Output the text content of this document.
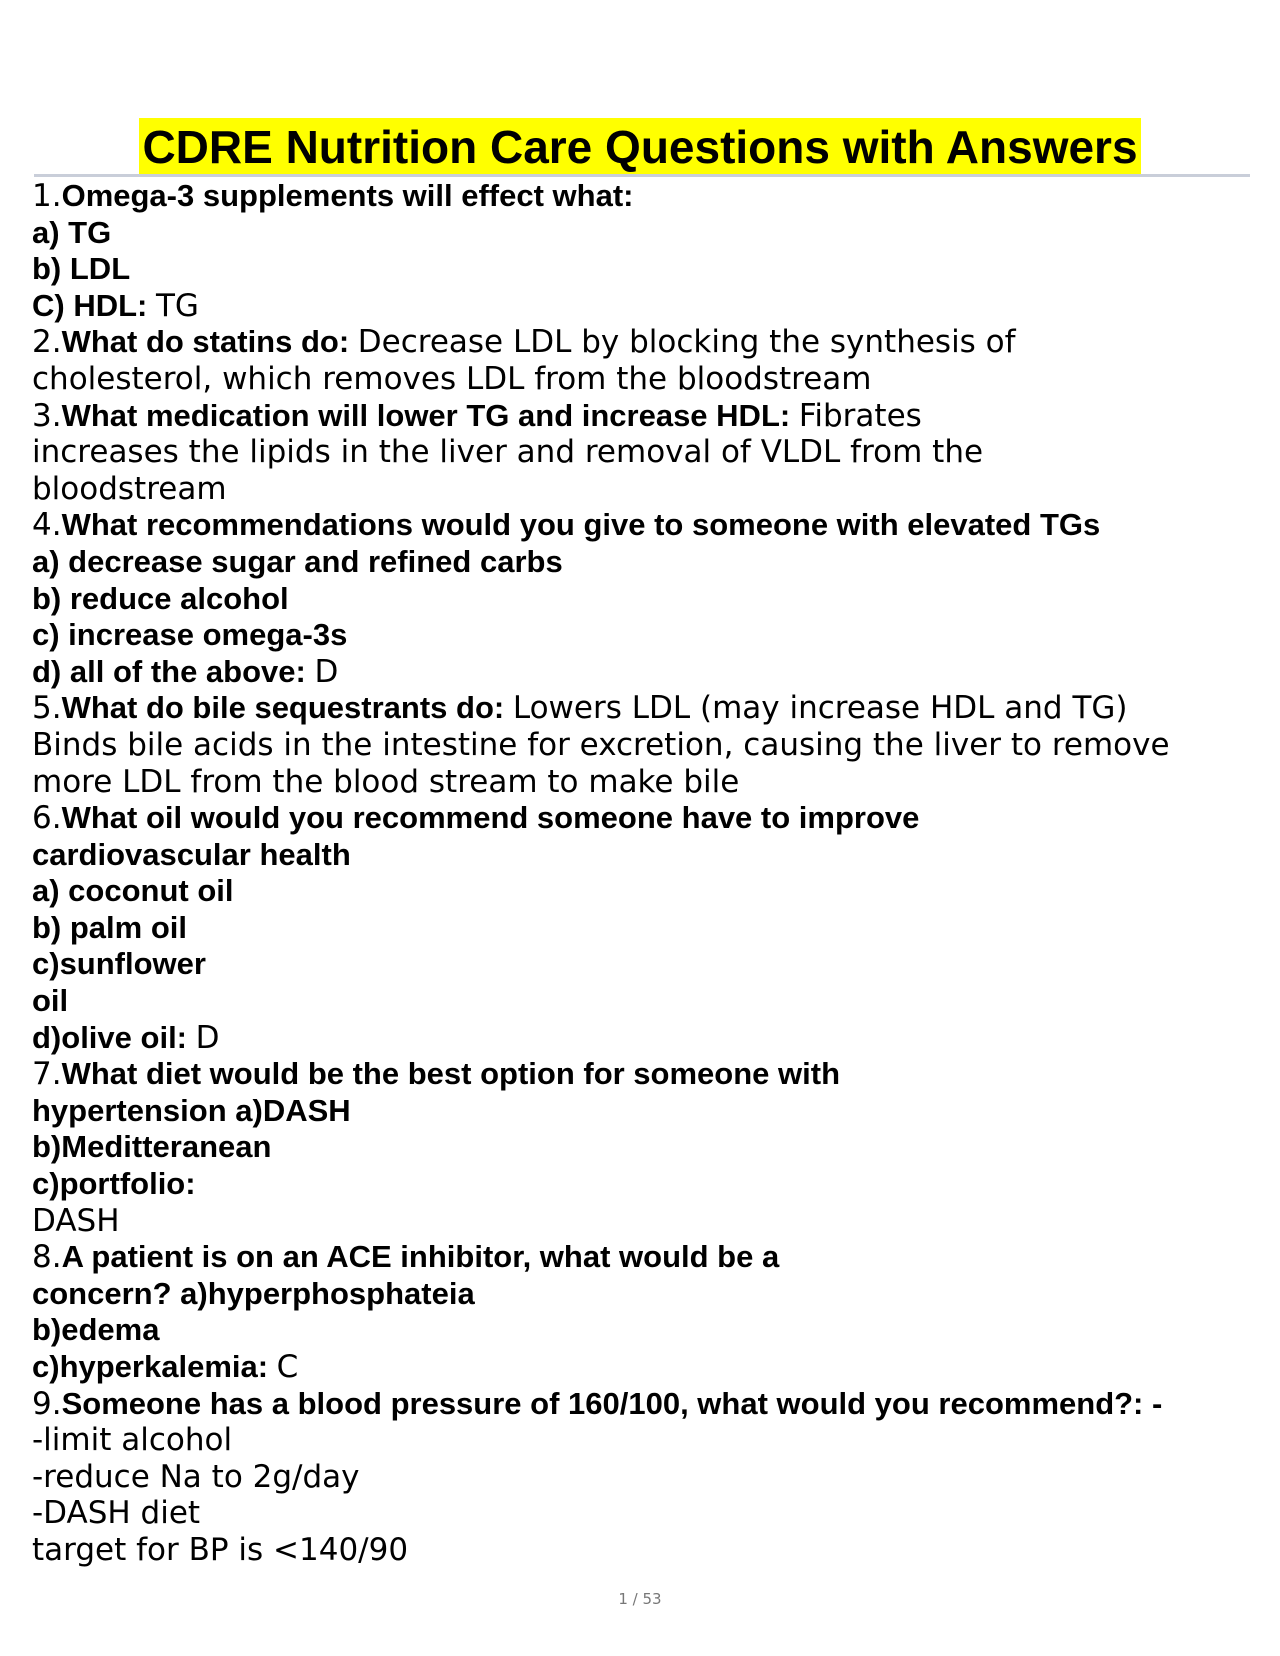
CDRE Nutrition Care Questions with Answers
1.Omega-3 supplements will effect what:
a) TG
b) LDL
C) HDL: TG
2.What do statins do: Decrease LDL by blocking the synthesis of
cholesterol, which removes LDL from the bloodstream
3.What medication will lower TG and increase HDL: Fibrates
increases the lipids in the liver and removal of VLDL from the
bloodstream
4.What recommendations would you give to someone with elevated TGs
a) decrease sugar and refined carbs
b) reduce alcohol
c) increase omega-3s
d) all of the above: D
5.What do bile sequestrants do: Lowers LDL (may increase HDL and TG)
Binds bile acids in the intestine for excretion, causing the liver to remove
more LDL from the blood stream to make bile
6.What oil would you recommend someone have to improve
cardiovascular health
a) coconut oil
b) palm oil
c)sunflower
oil
d)olive oil: D
7.What diet would be the best option for someone with
hypertension a)DASH
b)Meditteranean
c)portfolio:
DASH
8.A patient is on an ACE inhibitor, what would be a
concern? a)hyperphosphateia
b)edema
c)hyperkalemia: C
9.Someone has a blood pressure of 160/100, what would you recommend?: -
-limit alcohol
-reduce Na to 2g/day
-DASH diet
target for BP is <140/90
1 / 53
